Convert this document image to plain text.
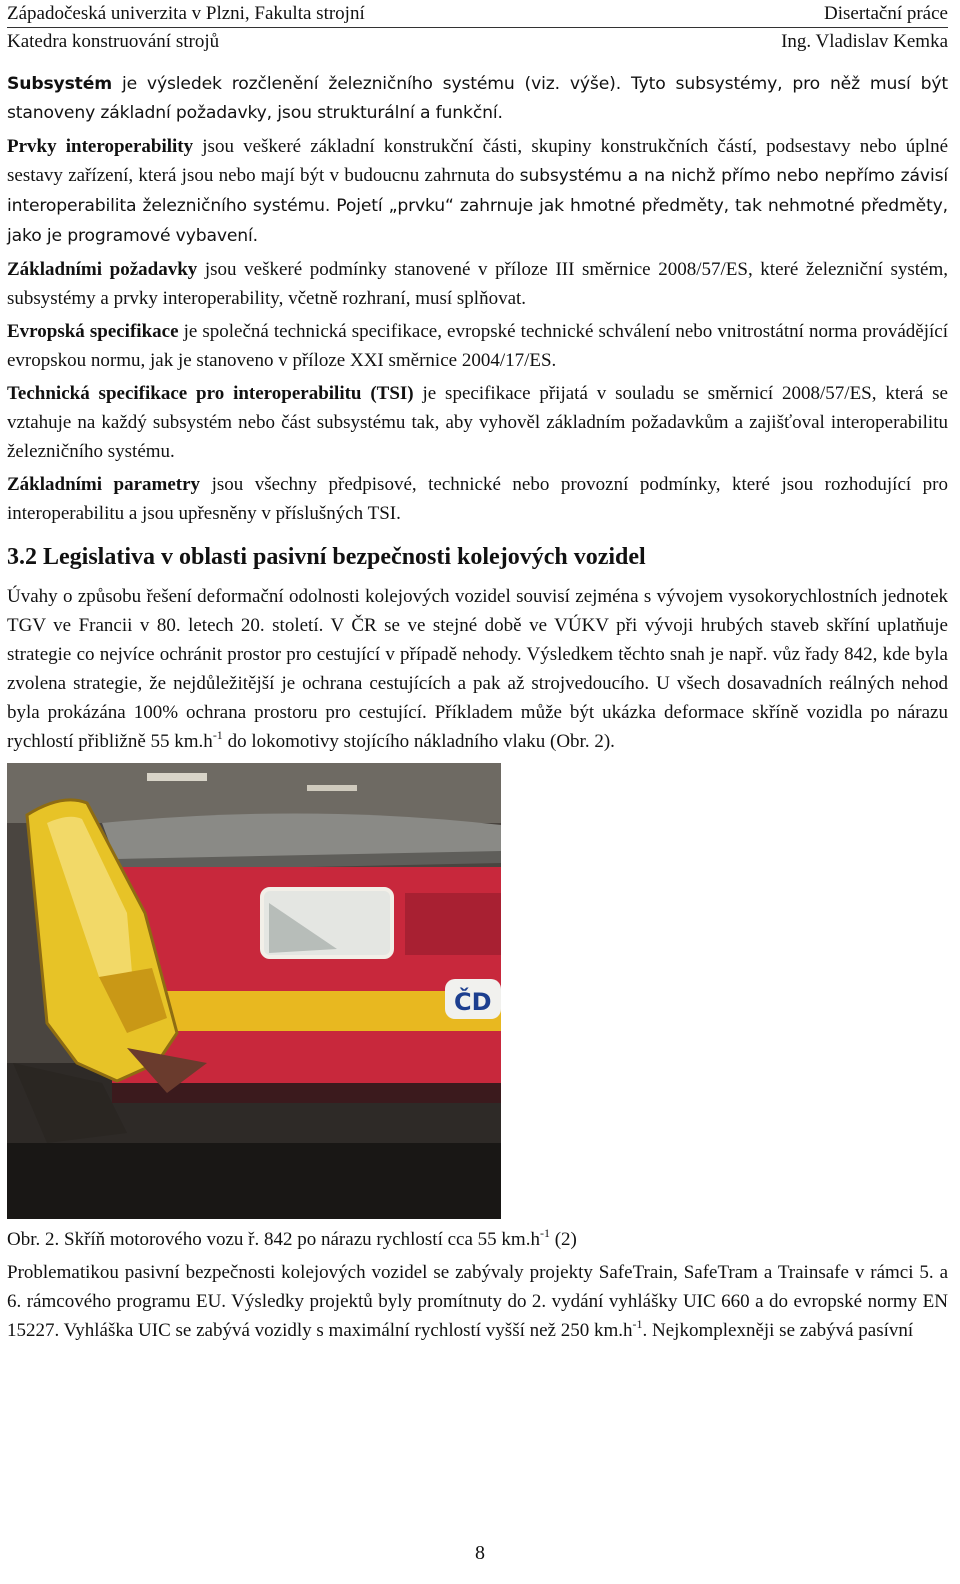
Západočeská univerzita v Plzni, Fakulta strojní	Disertační práce
Katedra konstruování strojů	Ing. Vladislav Kemka

Subsystém je výsledek rozčlenění železničního systému (viz. výše). Tyto subsystémy, pro něž musí být stanoveny základní požadavky, jsou strukturální a funkční.

Prvky interoperability jsou veškeré základní konstrukční části, skupiny konstrukčních částí, podsestavy nebo úplné sestavy zařízení, která jsou nebo mají být v budoucnu zahrnuta do subsystému a na nichž přímo nebo nepřímo závisí interoperabilita železničního systému. Pojetí „prvku“ zahrnuje jak hmotné předměty, tak nehmotné předměty, jako je programové vybavení.

Základními požadavky jsou veškeré podmínky stanovené v příloze III směrnice 2008/57/ES, které železniční systém, subsystémy a prvky interoperability, včetně rozhraní, musí splňovat.

Evropská specifikace je společná technická specifikace, evropské technické schválení nebo vnitrostátní norma provádějící evropskou normu, jak je stanoveno v příloze XXI směrnice 2004/17/ES.

Technická specifikace pro interoperabilitu (TSI) je specifikace přijatá v souladu se směrnicí 2008/57/ES, která se vztahuje na každý subsystém nebo část subsystému tak, aby vyhověl základním požadavkům a zajišťoval interoperabilitu železničního systému.

Základními parametry jsou všechny předpisové, technické nebo provozní podmínky, které jsou rozhodující pro interoperabilitu a jsou upřesněny v příslušných TSI.

3.2 Legislativa v oblasti pasivní bezpečnosti kolejových vozidel

Úvahy o způsobu řešení deformační odolnosti kolejových vozidel souvisí zejména s vývojem vysokorychlostních jednotek TGV ve Francii v 80. letech 20. století. V ČR se ve stejné době ve VÚKV při vývoji hrubých staveb skříní uplatňuje strategie co nejvíce ochránit prostor pro cestující v případě nehody. Výsledkem těchto snah je např. vůz řady 842, kde byla zvolena strategie, že nejdůležitější je ochrana cestujících a pak až strojvedoucího. U všech dosavadních reálných nehod byla prokázána 100% ochrana prostoru pro cestující. Příkladem může být ukázka deformace skříně vozidla po nárazu rychlostí přibližně 55 $km.h^{-1}$ do lokomotivy stojícího nákladního vlaku (Obr. 2).

ČD

Obr. 2. Skříň motorového vozu ř. 842 po nárazu rychlostí cca 55 $km.h^{-1}$ (2)

Problematikou pasivní bezpečnosti kolejových vozidel se zabývaly projekty SafeTrain, SafeTram a Trainsafe v rámci 5. a 6. rámcového programu EU. Výsledky projektů byly promítnuty do 2. vydání vyhlášky UIC 660 a do evropské normy EN 15227. Vyhláška UIC se zabývá vozidly s maximální rychlostí vyšší než 250 $km.h^{-1}$. Nejkomplexněji se zabývá pasívní

8
